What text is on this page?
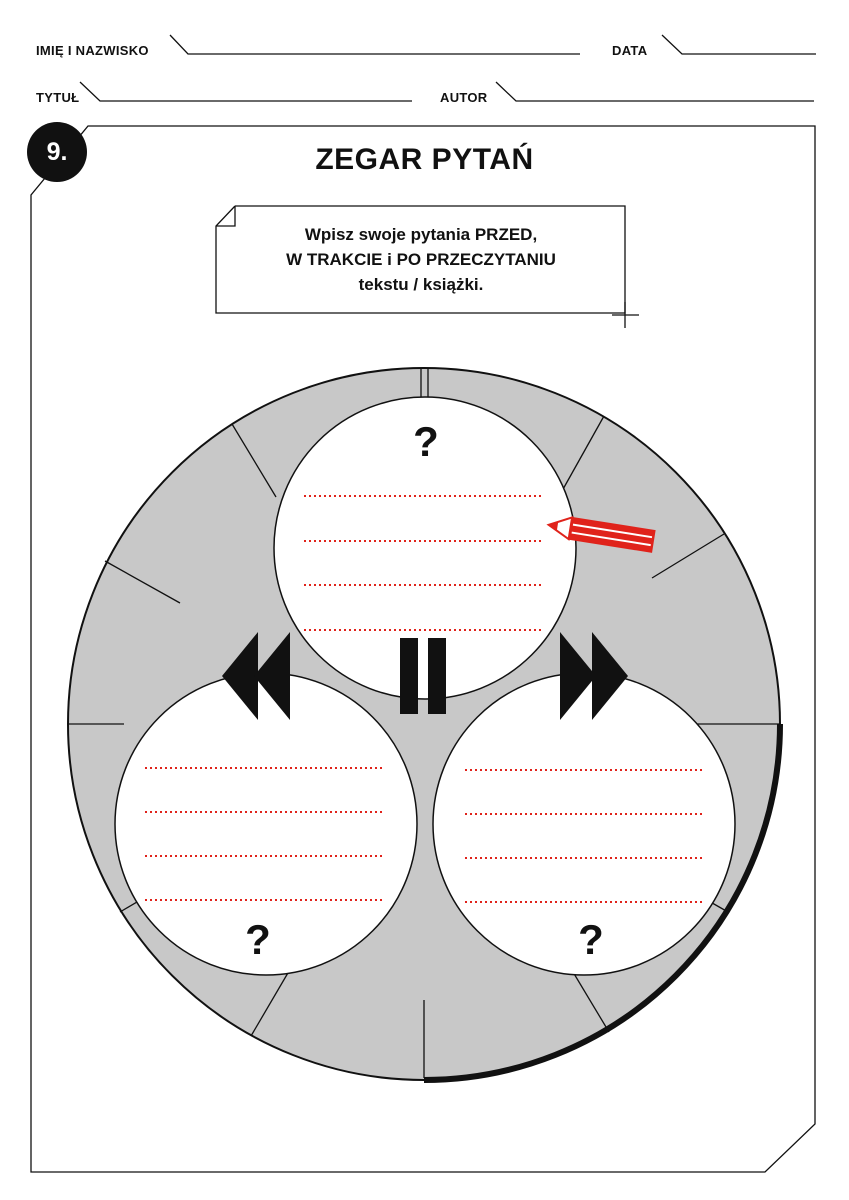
IMIĘ I NAZWISKO	DATA
TYTUŁ	AUTOR
9.	ZEGAR PYTAŃ
Wpisz swoje pytania PRZED,
W TRAKCIE i PO PRZECZYTANIU
tekstu / książki.
?
?	?
